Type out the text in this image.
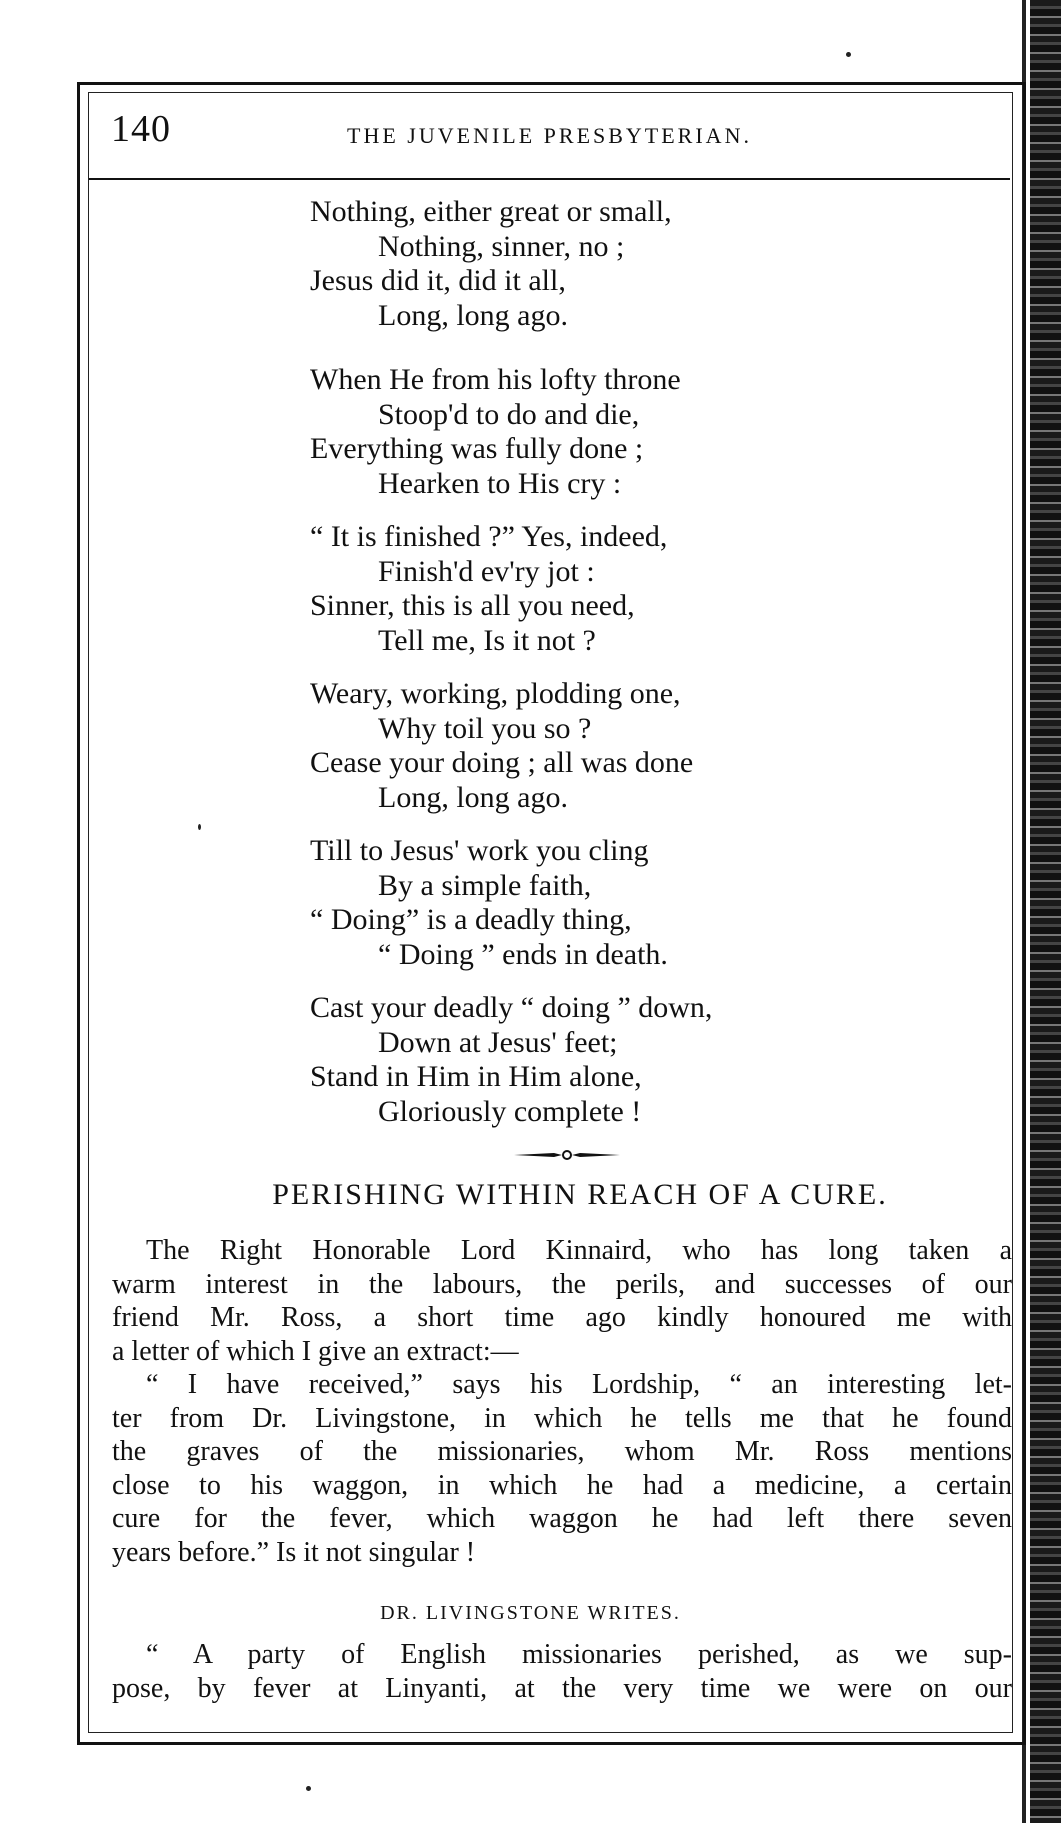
140	THE JUVENILE PRESBYTERIAN.
Nothing, either great or small,
Nothing, sinner, no ;
Jesus did it, did it all,
Long, long ago.
When He from his lofty throne
Stoop'd to do and die,
Everything was fully done ;
Hearken to His cry :
“ It is finished ?” Yes, indeed,
Finish'd ev'ry jot :
Sinner, this is all you need,
Tell me, Is it not ?
Weary, working, plodding one,
Why toil you so ?
Cease your doing ; all was done
Long, long ago.
Till to Jesus' work you cling
By a simple faith,
“ Doing” is a deadly thing,
“ Doing ” ends in death.
Cast your deadly “ doing ” down,
Down at Jesus' feet;
Stand in Him in Him alone,
Gloriously complete !
PERISHING WITHIN REACH OF A CURE.
The Right Honorable Lord Kinnaird, who has long taken a
warm interest in the labours, the perils, and successes of our
friend Mr. Ross, a short time ago kindly honoured me with
a letter of which I give an extract:—
“ I have received,” says his Lordship, “ an interesting let-
ter from Dr. Livingstone, in which he tells me that he found
the graves of the missionaries, whom Mr. Ross mentions
close to his waggon, in which he had a medicine, a certain
cure for the fever, which waggon he had left there seven
years before.” Is it not singular !
DR. LIVINGSTONE WRITES.
“ A party of English missionaries perished, as we sup-
pose, by fever at Linyanti, at the very time we were on our
